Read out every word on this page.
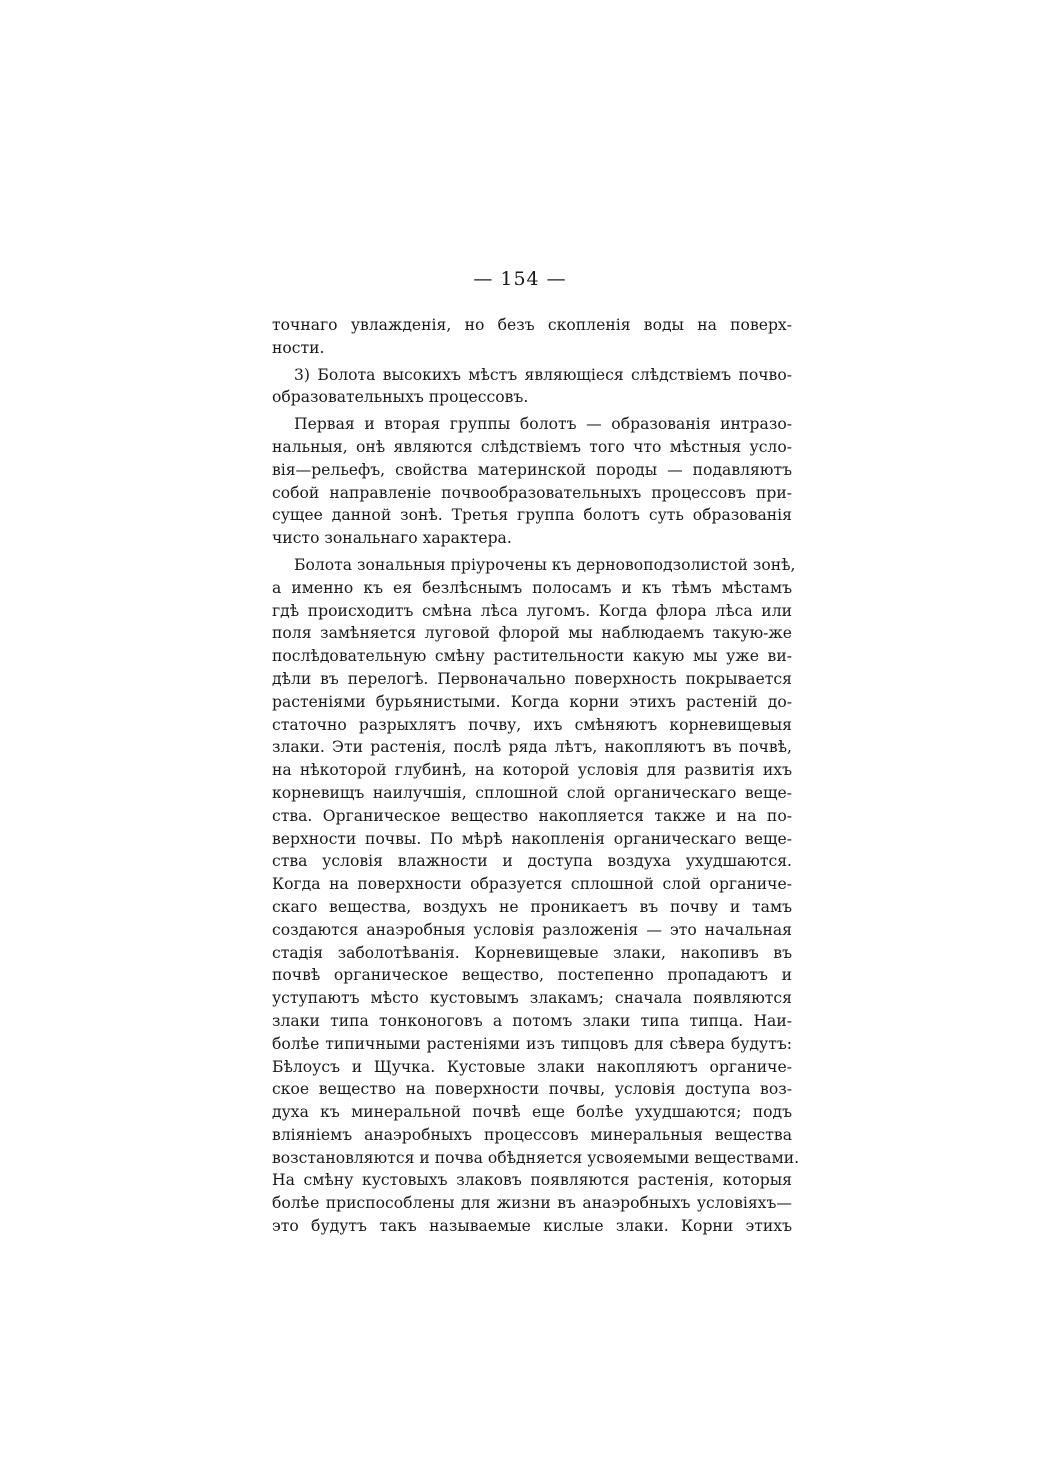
— 154 —
точнаго увлажденія, но безъ скопленія воды на поверх-
ности.
3) Болота высокихъ мѣстъ являющіеся слѣдствіемъ почво-
образовательныхъ процессовъ.
Первая и вторая группы болотъ — образованія интразо-
нальныя, онѣ являются слѣдствіемъ того что мѣстныя усло-
вія—рельефъ, свойства материнской породы — подавляютъ
собой направленіе почвообразовательныхъ процессовъ при-
сущее данной зонѣ. Третья группа болотъ суть образованія
чисто зональнаго характера.
Болота зональныя пріурочены къ дерновоподзолистой зонѣ,
а именно къ ея безлѣснымъ полосамъ и къ тѣмъ мѣстамъ
гдѣ происходитъ смѣна лѣса лугомъ. Когда флора лѣса или
поля замѣняется луговой флорой мы наблюдаемъ такую-же
послѣдовательную смѣну растительности какую мы уже ви-
дѣли въ перелогѣ. Первоначально поверхность покрывается
растеніями бурьянистыми. Когда корни этихъ растеній до-
статочно разрыхлятъ почву, ихъ смѣняютъ корневищевыя
злаки. Эти растенія, послѣ ряда лѣтъ, накопляютъ въ почвѣ,
на нѣкоторой глубинѣ, на которой условія для развитія ихъ
корневищъ наилучшія, сплошной слой органическаго веще-
ства. Органическое вещество накопляется также и на по-
верхности почвы. По мѣрѣ накопленія органическаго веще-
ства условія влажности и доступа воздуха ухудшаются.
Когда на поверхности образуется сплошной слой органиче-
скаго вещества, воздухъ не проникаетъ въ почву и тамъ
создаются анаэробныя условія разложенія — это начальная
стадія заболотѣванія. Корневищевые злаки, накопивъ въ
почвѣ органическое вещество, постепенно пропадаютъ и
уступаютъ мѣсто кустовымъ злакамъ; сначала появляются
злаки типа тонконоговъ а потомъ злаки типа типца. Наи-
болѣе типичными растеніями изъ типцовъ для сѣвера будутъ:
Бѣлоусъ и Щучка. Кустовые злаки накопляютъ органиче-
ское вещество на поверхности почвы, условія доступа воз-
духа къ минеральной почвѣ еще болѣе ухудшаются; подъ
вліяніемъ анаэробныхъ процессовъ минеральныя вещества
возстановляются и почва обѣдняется усвояемыми веществами.
На смѣну кустовыхъ злаковъ появляются растенія, которыя
болѣе приспособлены для жизни въ анаэробныхъ условіяхъ—
это будутъ такъ называемые кислые злаки. Корни этихъ
